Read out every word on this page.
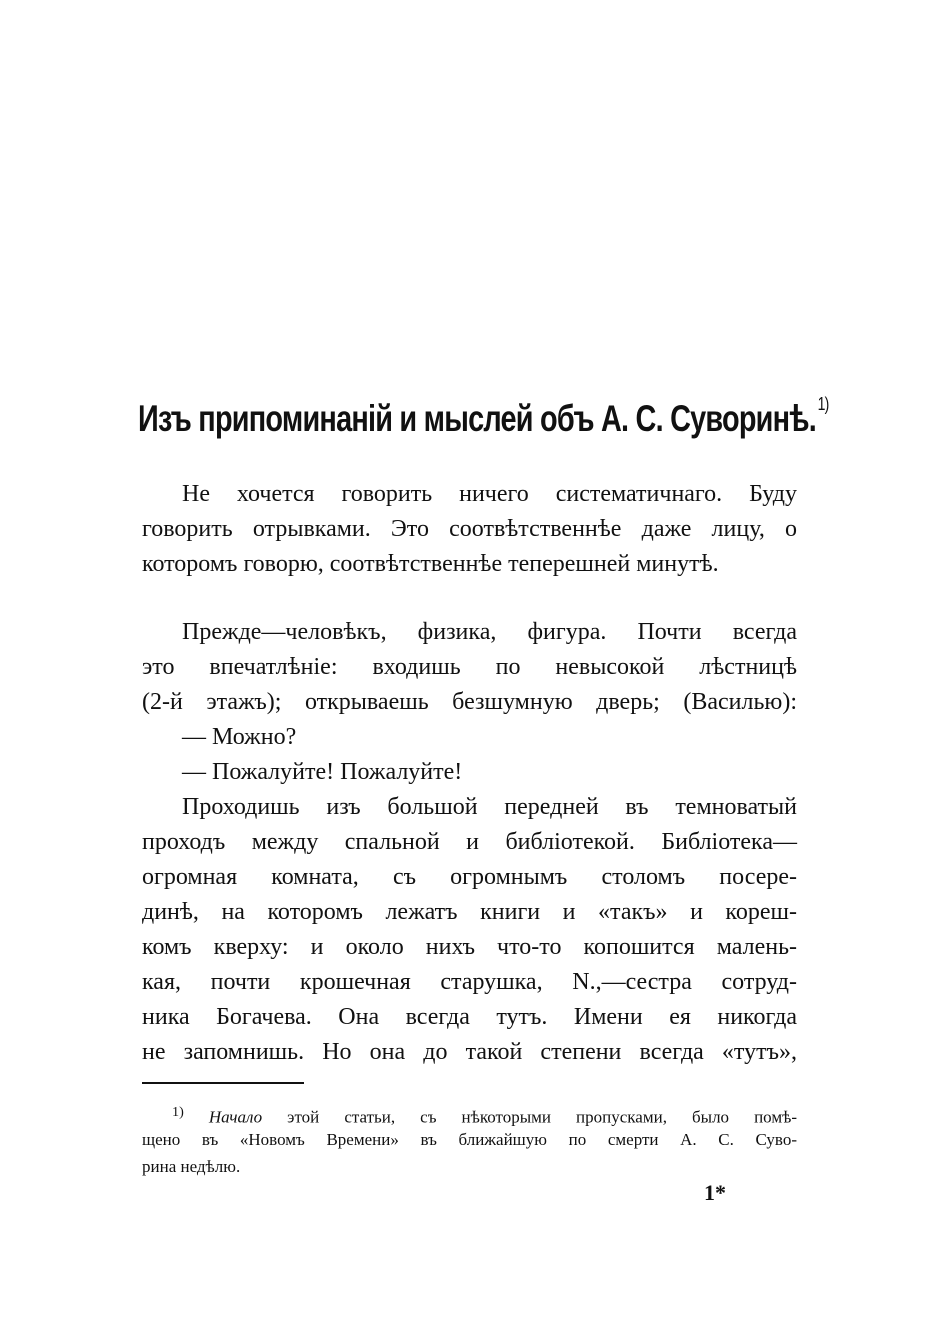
Изъ припоминаній и мыслей объ А. С. Суворинѣ.$^{1)}$
Не хочется говорить ничего систематичнаго. Буду
говорить отрывками. Это соотвѣтственнѣе даже лицу, о
которомъ говорю, соотвѣтственнѣе теперешней минутѣ.
Прежде—человѣкъ, физика, фигура. Почти всегда
это впечатлѣніе: входишь по невысокой лѣстницѣ
(2-й этажъ); открываешь безшумную дверь; (Василью):
— Можно?
— Пожалуйте! Пожалуйте!
Проходишь изъ большой передней въ темноватый
проходъ между спальной и библіотекой. Библіотека—
огромная комната, съ огромнымъ столомъ посере-
динѣ, на которомъ лежатъ книги и «такъ» и кореш-
комъ кверху: и около нихъ что-то копошится малень-
кая, почти крошечная старушка, N.,—сестра сотруд-
ника Богачева. Она всегда тутъ. Имени ея никогда
не запомнишь. Но она до такой степени всегда «тутъ»,
$^{1)}$ Начало этой статьи, съ нѣкоторыми пропусками, было помѣ-
щено въ «Новомъ Времени» въ ближайшую по смерти А. С. Суво-
рина недѣлю.

1*
